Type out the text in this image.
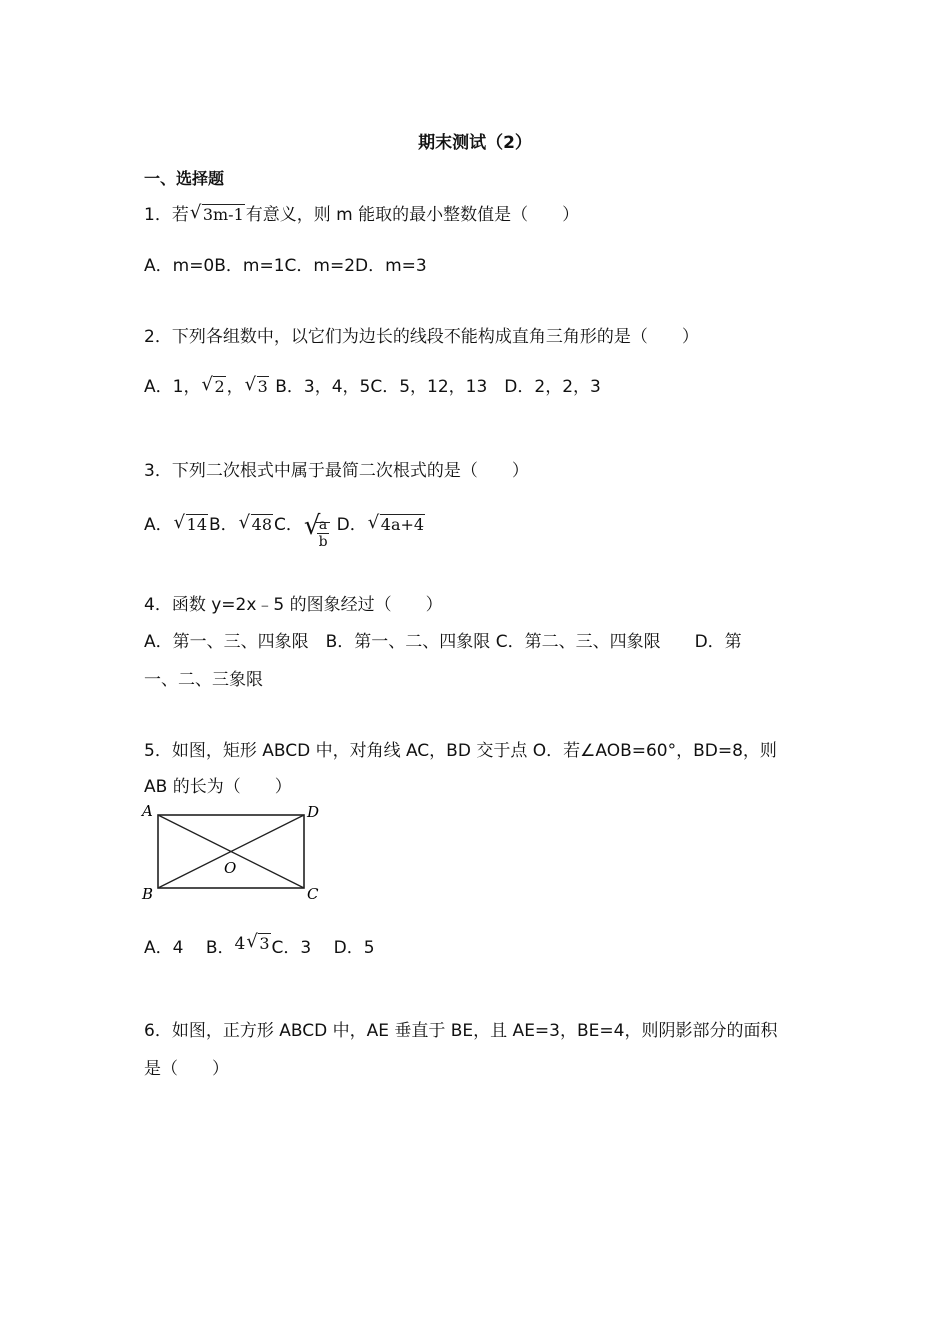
期末测试（2）
一、选择题
1．若 √ 3m-1 有意义，则 m 能取的最小整数值是（　　）
A．m=0B．m=1C．m=2D．m=3
2．下列各组数中，以它们为边长的线段不能构成直角三角形的是（　　）
A．1， √ 2 ， √ 3 B．3，4，5C．5，12，13　D．2，2，3
3．下列二次根式中属于最简二次根式的是（　　）
A． √ 14 B． √ 48 C． √
$\frac{a}{b}$ D． √ 4a+4
4．函数 y=2x﹣5 的图象经过（　　）
A．第一、三、四象限　B．第一、二、四象限 C．第二、三、四象限　　D．第
一、二、三象限
5．如图，矩形 ABCD 中，对角线 AC，BD 交于点 O．若∠AOB=60°，BD=8，则
AB 的长为（　　）
A	D
B	C
O
A．4　 B．4 √ 3 C．3　 D．5
6．如图，正方形 ABCD 中，AE 垂直于 BE，且 AE=3，BE=4，则阴影部分的面积
是（　　）
